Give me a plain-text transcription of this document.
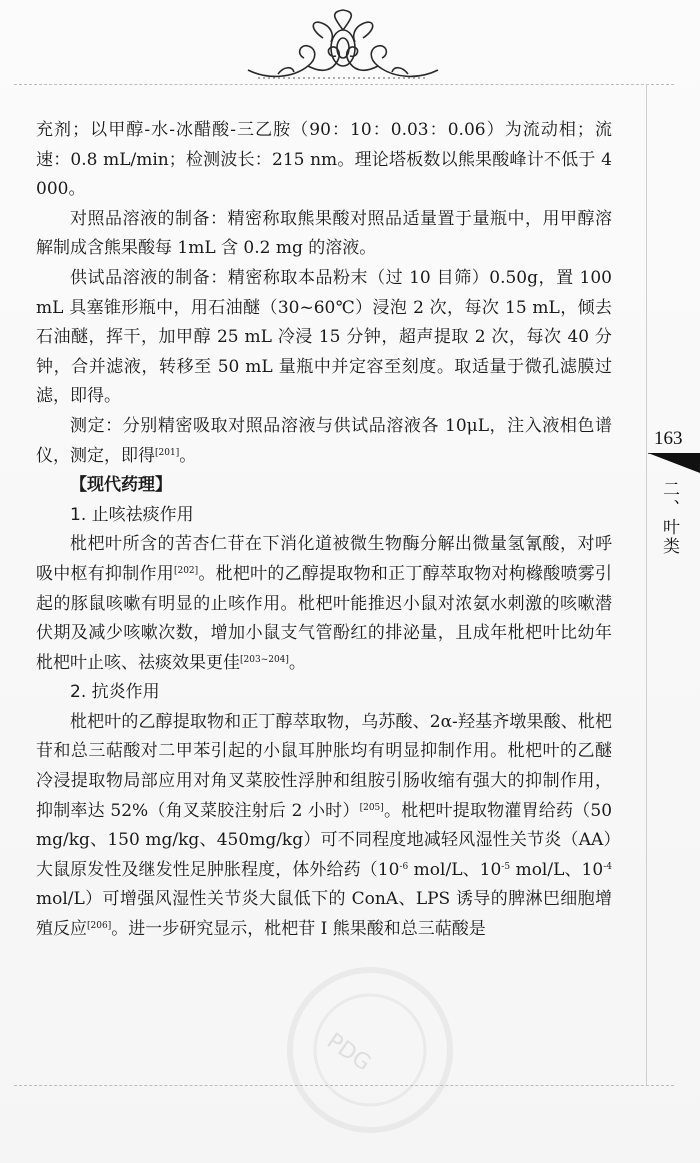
充剂；以甲醇-水-冰醋酸-三乙胺（90：10：0.03：0.06）为流动相；流速：0.8 mL/min；检测波长：215 nm。理论塔板数以熊果酸峰计不低于 4 000。

对照品溶液的制备：精密称取熊果酸对照品适量置于量瓶中，用甲醇溶解制成含熊果酸每 1mL 含 0.2 mg 的溶液。

供试品溶液的制备：精密称取本品粉末（过 10 目筛）0.50g，置 100 mL 具塞锥形瓶中，用石油醚（30~60℃）浸泡 2 次，每次 15 mL，倾去石油醚，挥干，加甲醇 25 mL 冷浸 15 分钟，超声提取 2 次，每次 40 分钟，合并滤液，转移至 50 mL 量瓶中并定容至刻度。取适量于微孔滤膜过滤，即得。

测定：分别精密吸取对照品溶液与供试品溶液各 10μL，注入液相色谱仪，测定，即得[201]。

【现代药理】

1. 止咳祛痰作用

枇杷叶所含的苦杏仁苷在下消化道被微生物酶分解出微量氢氰酸，对呼吸中枢有抑制作用[202]。枇杷叶的乙醇提取物和正丁醇萃取物对枸橼酸喷雾引起的豚鼠咳嗽有明显的止咳作用。枇杷叶能推迟小鼠对浓氨水刺激的咳嗽潜伏期及减少咳嗽次数，增加小鼠支气管酚红的排泌量，且成年枇杷叶比幼年枇杷叶止咳、祛痰效果更佳[203~204]。

2. 抗炎作用

枇杷叶的乙醇提取物和正丁醇萃取物，乌苏酸、2α-羟基齐墩果酸、枇杷苷和总三萜酸对二甲苯引起的小鼠耳肿胀均有明显抑制作用。枇杷叶的乙醚冷浸提取物局部应用对角叉菜胶性浮肿和组胺引肠收缩有强大的抑制作用，抑制率达 52%（角叉菜胶注射后 2 小时）[205]。枇杷叶提取物灌胃给药（50 mg/kg、150 mg/kg、450mg/kg）可不同程度地减轻风湿性关节炎（AA）大鼠原发性及继发性足肿胀程度，体外给药（$10^{-6}$ mol/L、$10^{-5}$ mol/L、$10^{-4}$ mol/L）可增强风湿性关节炎大鼠低下的 ConA、LPS 诱导的脾淋巴细胞增殖反应[206]。进一步研究显示，枇杷苷 I 熊果酸和总三萜酸是

163
二、叶类
PDG
